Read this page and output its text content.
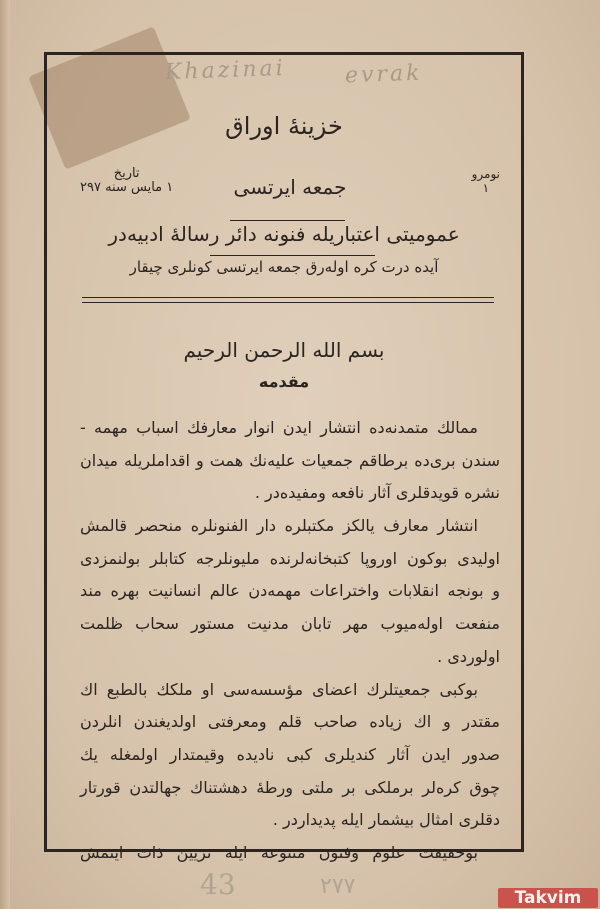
Khazinai	evrak
خزینهٔ اوراق
نومرو
١
جمعه ایرتسی
تاریخ
١ مایس سنه ٢٩٧
عمومیتی اعتباریله فنونه دائر رسالهٔ ادبیه‌در
آیده درت کره اوله‌رق جمعه ایرتسی کونلری چیقار
بسم الله الرحمن الرحیم
مقدمه
ممالك متمدنه‌ده انتشار ایدن انوار معارفك اسباب مهمه -
سندن بری‌ده برطاقم جمعیات علیه‌نك همت و اقداملریله میدان
نشره قویدقلری آثار نافعه ومفیده‌در .
انتشار معارف یالکز مکتبلره دار الفنونلره منحصر قالمش
اولیدی بوکون اوروپا کتبخانه‌لرنده ملیونلرجه کتابلر بولنمزدی
و بونجه انقلابات واختراعات مهمه‌دن عالم انسانیت بهره مند
منفعت اوله‌میوب مهر تابان مدنیت مستور سحاب ظلمت
اولوردی .
بوکبی جمعیتلرك اعضای مؤسسه‌سی او ملکك بالطبع اك
مقتدر و اك زیاده صاحب قلم ومعرفتی اولدیغندن انلردن
صدور ایدن آثار کندیلری کبی نادیده وقیمتدار اولمغله یك
چوق کره‌لر برملکی بر ملتی ورطهٔ دهشتناك جهالتدن قورتار
دقلری امثال بیشمار ایله پدیداردر .
بوحقیقت علوم وفنون متنوعه ایله تزیین ذات ایتمش
43	٢٧٧	Takvim
